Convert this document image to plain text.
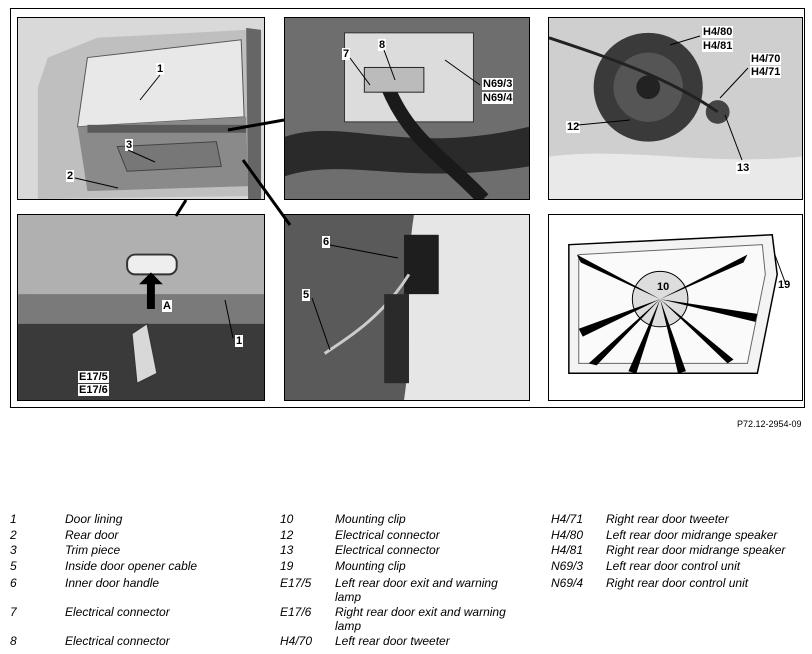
1
3
2
7
8
N69/3
N69/4
H4/80
H4/81
H4/70
H4/71
12
13
A
1
E17/5
E17/6
6
5
10	19
P72.12-2954-09
1	Door lining
2	Rear door
3	Trim piece
5	Inside door opener cable
6	Inner door handle
7	Electrical connector
8	Electrical connector
10	Mounting clip
12	Electrical connector
13	Electrical connector
19	Mounting clip
E17/5 Left rear door exit and warning lamp
E17/6 Right rear door exit and warning lamp
H4/70 Left rear door tweeter
H4/71 Right rear door tweeter
H4/80 Left rear door midrange speaker
H4/81 Right rear door midrange speaker
N69/3 Left rear door control unit
N69/4 Right rear door control unit
